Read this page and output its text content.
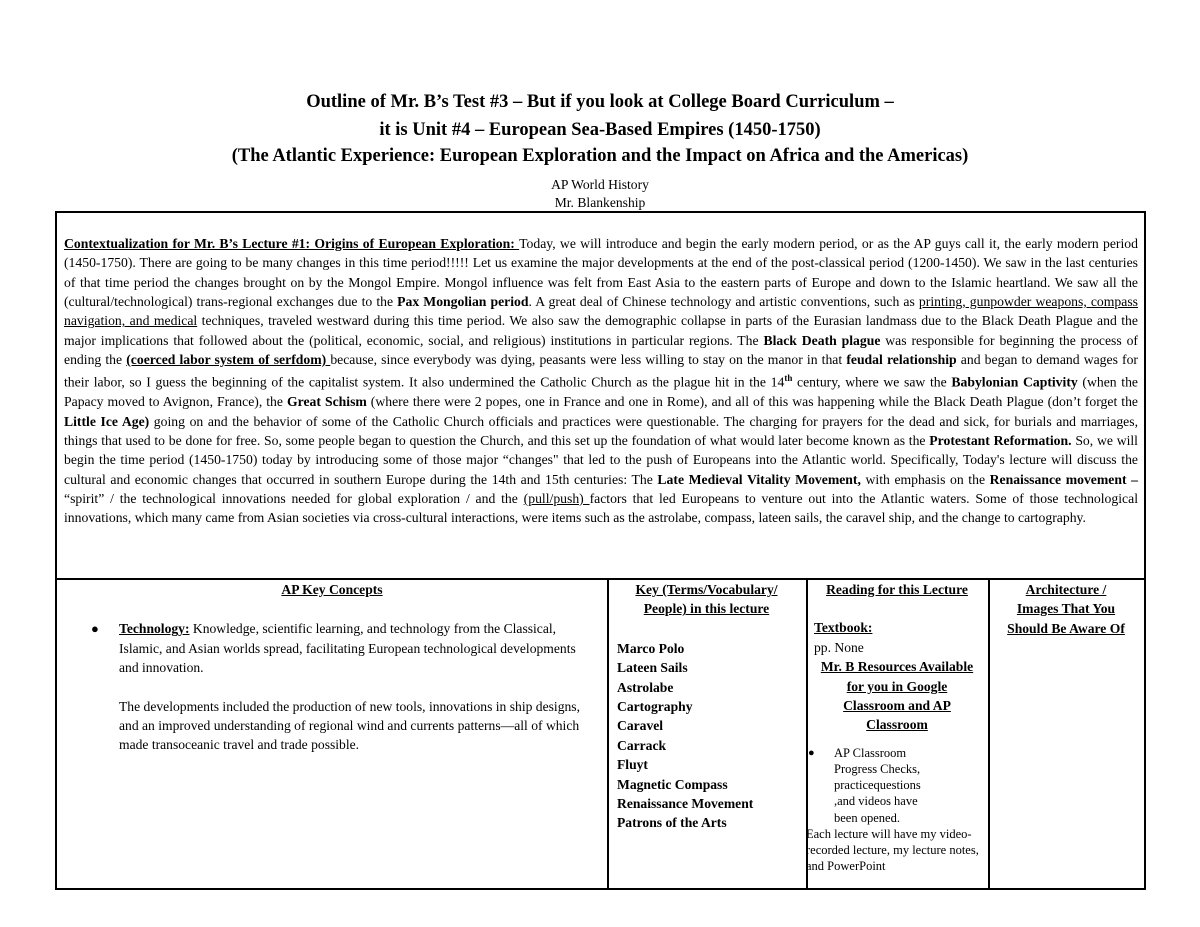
Outline of Mr. B’s Test #3 – But if you look at College Board Curriculum –

it is Unit #4 – European Sea-Based Empires (1450-1750)

(The Atlantic Experience: European Exploration and the Impact on Africa and the Americas)

AP World History
Mr. Blankenship
Contextualization for Mr. B’s Lecture #1: Origins of European Exploration: Today, we will introduce and begin the early modern period, or as the AP guys call it, the early modern period (1450-1750). There are going to be many changes in this time period!!!!! Let us examine the major developments at the end of the post-classical period (1200-1450). We saw in the last centuries of that time period the changes brought on by the Mongol Empire. Mongol influence was felt from East Asia to the eastern parts of Europe and down to the Islamic heartland. We saw all the (cultural/technological) trans-regional exchanges due to the Pax Mongolian period. A great deal of Chinese technology and artistic conventions, such as printing, gunpowder weapons, compass navigation, and medical techniques, traveled westward during this time period. We also saw the demographic collapse in parts of the Eurasian landmass due to the Black Death Plague and the major implications that followed about the (political, economic, social, and religious) institutions in particular regions. The Black Death plague was responsible for beginning the process of ending the (coerced labor system of serfdom) because, since everybody was dying, peasants were less willing to stay on the manor in that feudal relationship and began to demand wages for their labor, so I guess the beginning of the capitalist system. It also undermined the Catholic Church as the plague hit in the 14th century, where we saw the Babylonian Captivity (when the Papacy moved to Avignon, France), the Great Schism (where there were 2 popes, one in France and one in Rome), and all of this was happening while the Black Death Plague (don’t forget the Little Ice Age) going on and the behavior of some of the Catholic Church officials and practices were questionable. The charging for prayers for the dead and sick, for burials and marriages, things that used to be done for free. So, some people began to question the Church, and this set up the foundation of what would later become known as the Protestant Reformation. So, we will begin the time period (1450-1750) today by introducing some of those major “changes" that led to the push of Europeans into the Atlantic world. Specifically, Today's lecture will discuss the cultural and economic changes that occurred in southern Europe during the 14th and 15th centuries: The Late Medieval Vitality Movement, with emphasis on the Renaissance movement – “spirit” / the technological innovations needed for global exploration / and the (pull/push) factors that led Europeans to venture out into the Atlantic waters. Some of those technological innovations, which many came from Asian societies via cross-cultural interactions, were items such as the astrolabe, compass, lateen sails, the caravel ship, and the change to cartography.
AP Key Concepts
● Technology: Knowledge, scientific learning, and technology from the Classical, Islamic, and Asian worlds spread, facilitating European technological developments and innovation.
The developments included the production of new tools, innovations in ship designs, and an improved understanding of regional wind and currents patterns—all of which made transoceanic travel and trade possible.
Key (Terms/Vocabulary/ People) in this lecture
Marco Polo
Lateen Sails
Astrolabe
Cartography
Caravel
Carrack
Fluyt
Magnetic Compass
Renaissance Movement
Patrons of the Arts
Reading for this Lecture
Textbook:
pp. None
Mr. B Resources Available for you in Google Classroom and AP Classroom
● AP Classroom Progress Checks, practicequestions ,and videos have been opened.
Each lecture will have my video-recorded lecture, my lecture notes, and PowerPoint
Architecture / Images That You Should Be Aware Of
